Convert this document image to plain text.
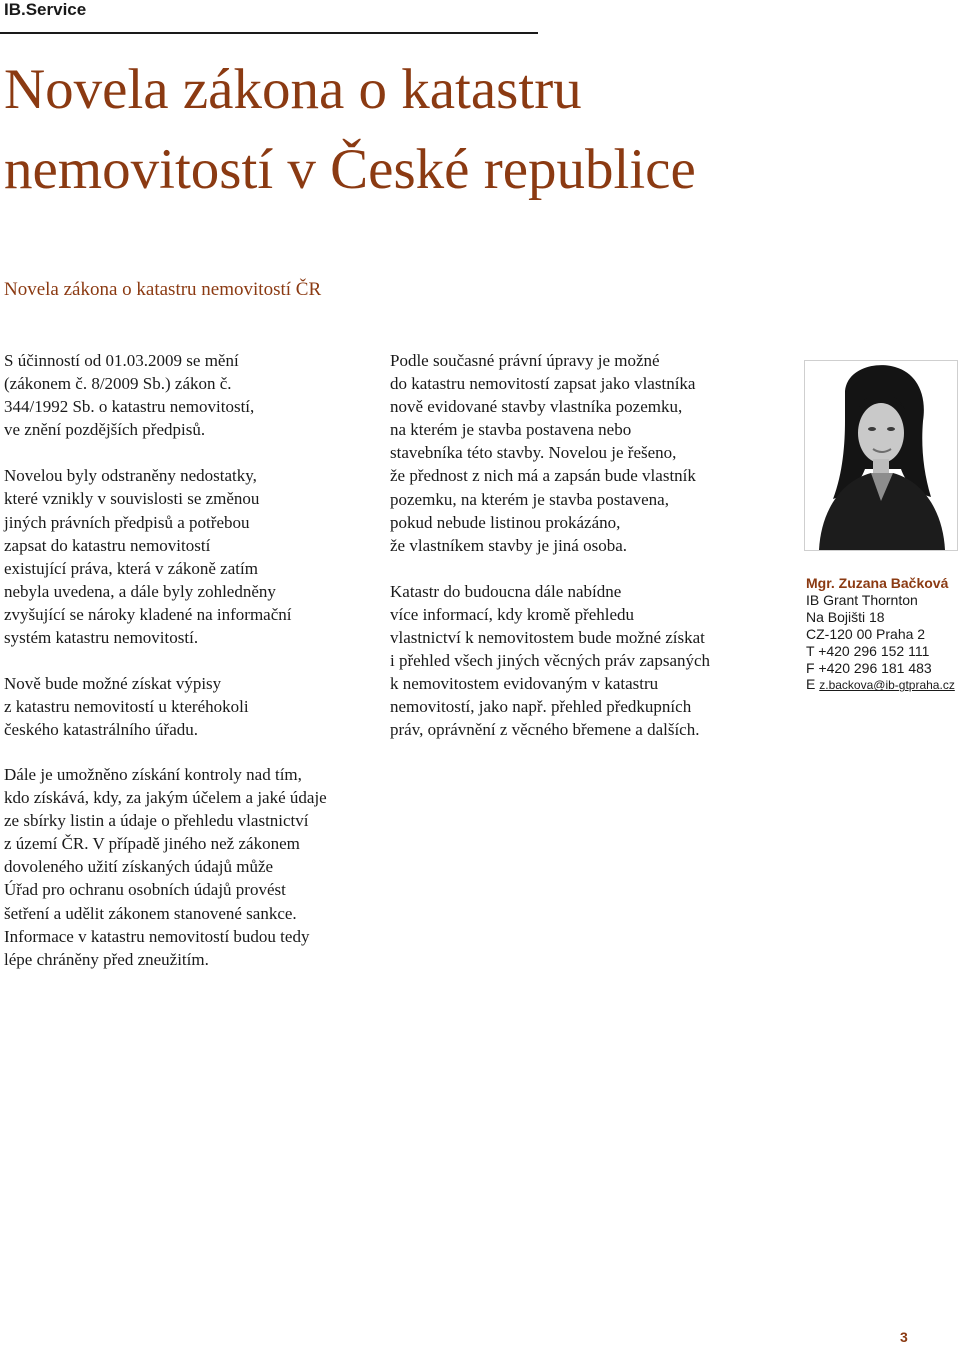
IB.Service
Novela zákona o katastru
nemovitostí v České republice
Novela zákona o katastru nemovitostí ČR

S účinností od 01.03.2009 se mění
(zákonem č. 8/2009 Sb.) zákon č.
344/1992 Sb. o katastru nemovitostí,
ve znění pozdějších předpisů.

Novelou byly odstraněny nedostatky,
které vznikly v souvislosti se změnou
jiných právních předpisů a potřebou
zapsat do katastru nemovitostí
existující práva, která v zákoně zatím
nebyla uvedena, a dále byly zohledněny
zvyšující se nároky kladené na informační
systém katastru nemovitostí.

Nově bude možné získat výpisy
z katastru nemovitostí u kteréhokoli
českého katastrálního úřadu.

Podle současné právní úpravy je možné
do katastru nemovitostí zapsat jako vlastníka
nově evidované stavby vlastníka pozemku,
na kterém je stavba postavena nebo
stavebníka této stavby. Novelou je řešeno,
že přednost z nich má a zapsán bude vlastník
pozemku, na kterém je stavba postavena,
pokud nebude listinou prokázáno,
že vlastníkem stavby je jiná osoba.

Katastr do budoucna dále nabídne
více informací, kdy kromě přehledu
vlastnictví k nemovitostem bude možné získat
i přehled všech jiných věcných práv zapsaných
k nemovitostem evidovaným v katastru
nemovitostí, jako např. přehled předkupních
práv, oprávnění z věcného břemene a dalších.

Dále je umožněno získání kontroly nad tím,
kdo získává, kdy, za jakým účelem a jaké údaje
ze sbírky listin a údaje o přehledu vlastnictví
z území ČR. V případě jiného než zákonem
dovoleného užití získaných údajů může
Úřad pro ochranu osobních údajů provést
šetření a udělit zákonem stanovené sankce.
Informace v katastru nemovitostí budou tedy
lépe chráněny před zneužitím.

Mgr. Zuzana Bačková
IB Grant Thornton
Na Bojišti 18
CZ-120 00 Praha 2
T +420 296 152 111
F +420 296 181 483
E z.backova@ib-gtpraha.cz
3
